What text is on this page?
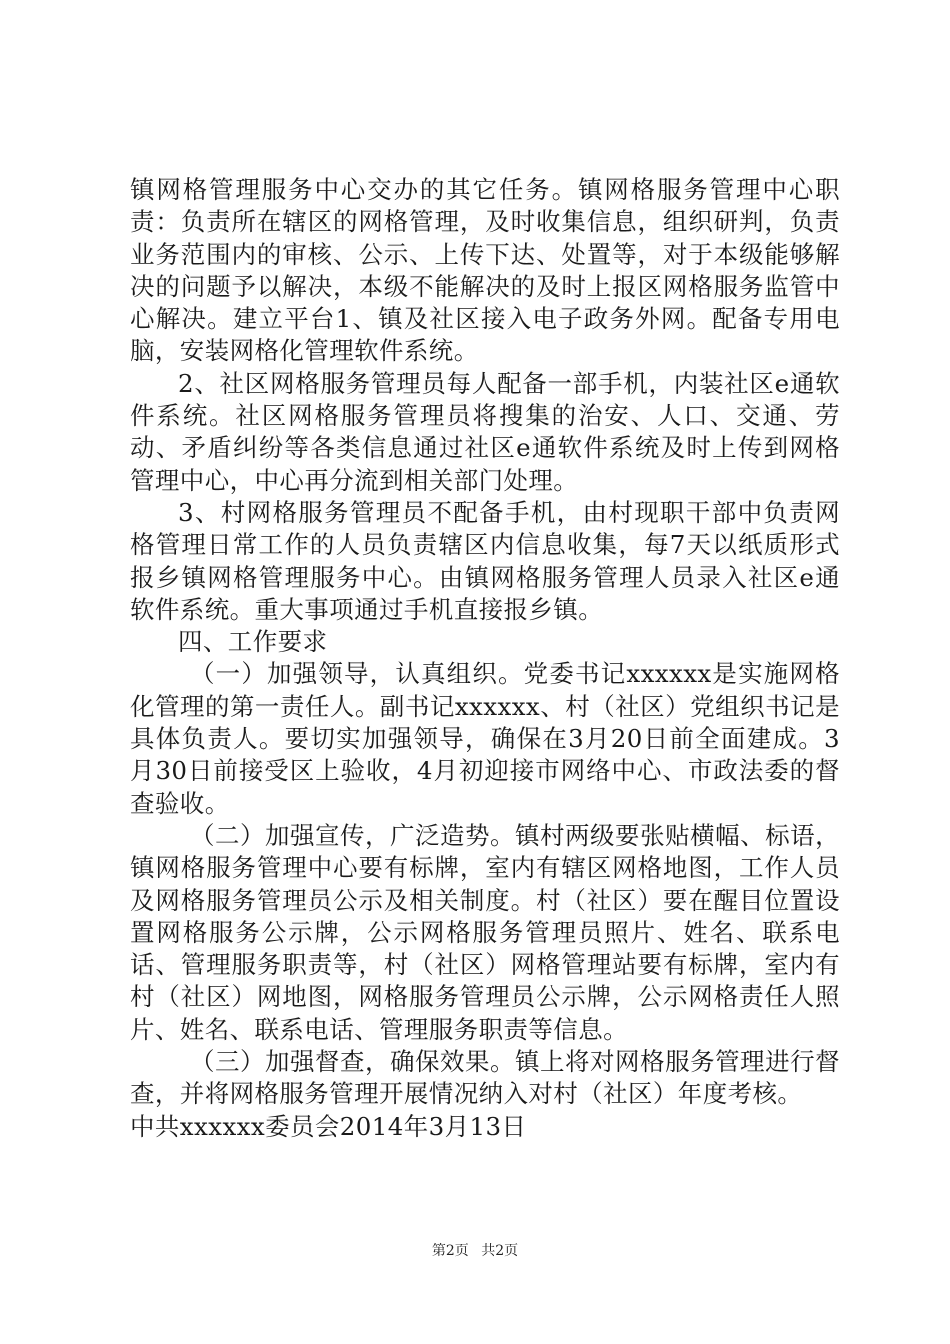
镇网格管理服务中心交办的其它任务。镇网格服务管理中心职责：负责所在辖区的网格管理，及时收集信息，组织研判，负责业务范围内的审核、公示、上传下达、处置等，对于本级能够解决的问题予以解决，本级不能解决的及时上报区网格服务监管中心解决。建立平台1、镇及社区接入电子政务外网。配备专用电脑，安装网格化管理软件系统。

2、社区网格服务管理员每人配备一部手机，内装社区e通软件系统。社区网格服务管理员将搜集的治安、人口、交通、劳动、矛盾纠纷等各类信息通过社区e通软件系统及时上传到网格管理中心，中心再分流到相关部门处理。

3、村网格服务管理员不配备手机，由村现职干部中负责网格管理日常工作的人员负责辖区内信息收集，每7天以纸质形式报乡镇网格管理服务中心。由镇网格服务管理人员录入社区e通软件系统。重大事项通过手机直接报乡镇。

四、工作要求

（一）加强领导，认真组织。党委书记xxxxxx是实施网格化管理的第一责任人。副书记xxxxxx、村（社区）党组织书记是具体负责人。要切实加强领导，确保在3月20日前全面建成。3月30日前接受区上验收，4月初迎接市网络中心、市政法委的督查验收。

（二）加强宣传，广泛造势。镇村两级要张贴横幅、标语，镇网格服务管理中心要有标牌，室内有辖区网格地图，工作人员及网格服务管理员公示及相关制度。村（社区）要在醒目位置设置网格服务公示牌，公示网格服务管理员照片、姓名、联系电话、管理服务职责等，村（社区）网格管理站要有标牌，室内有村（社区）网地图，网格服务管理员公示牌，公示网格责任人照片、姓名、联系电话、管理服务职责等信息。

（三）加强督查，确保效果。镇上将对网格服务管理进行督查，并将网格服务管理开展情况纳入对村（社区）年度考核。

中共xxxxxx委员会2014年3月13日

第2页 共2页
